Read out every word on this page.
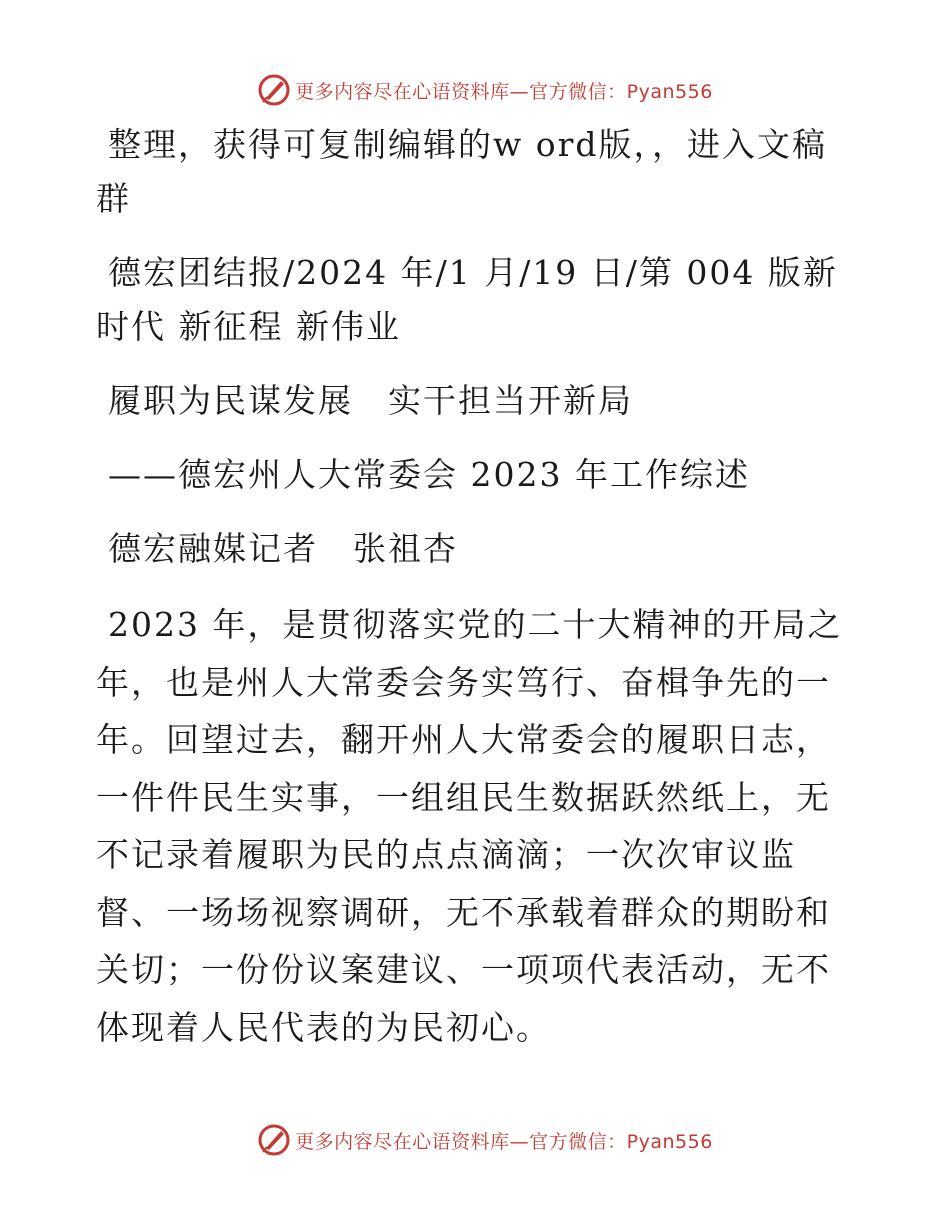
更多内容尽在心语资料库—官方微信：Pyan556

整理，获得可复制编辑的w ord版，，进入文稿群

德宏团结报/2024 年/1 月/19 日/第 004 版新时代 新征程 新伟业

履职为民谋发展　实干担当开新局

——德宏州人大常委会 2023 年工作综述

德宏融媒记者　张祖杏

2023 年，是贯彻落实党的二十大精神的开局之年，也是州人大常委会务实笃行、奋楫争先的一年。回望过去，翻开州人大常委会的履职日志，一件件民生实事，一组组民生数据跃然纸上，无不记录着履职为民的点点滴滴；一次次审议监督、一场场视察调研，无不承载着群众的期盼和关切；一份份议案建议、一项项代表活动，无不体现着人民代表的为民初心。

更多内容尽在心语资料库—官方微信：Pyan556
